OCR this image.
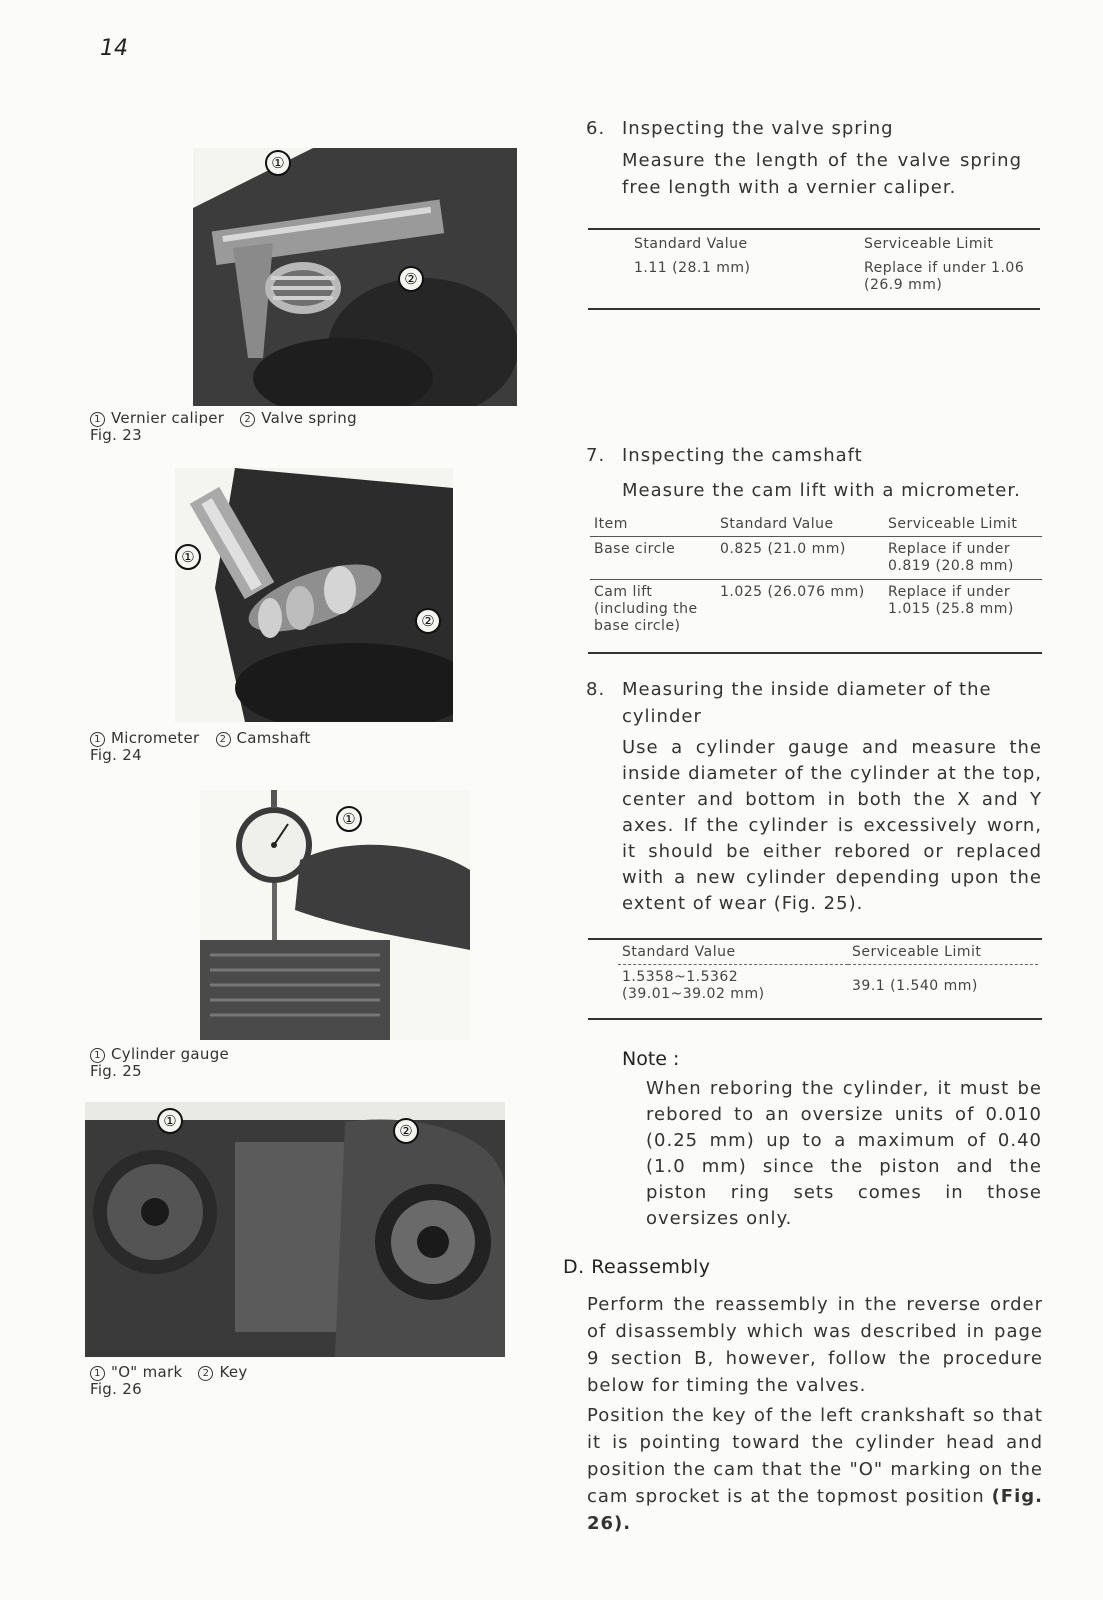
14
①
②
1 Vernier caliper 2 Valve spring
Fig. 23
①
②
1 Micrometer 2 Camshaft
Fig. 24
①
1 Cylinder gauge
Fig. 25
①
②
1 "O" mark 2 Key
Fig. 26
6. Inspecting the valve spring
Measure the length of the valve spring free length with a vernier caliper.
Standard Value	Serviceable Limit
1.11 (28.1 mm)	Replace if under 1.06 (26.9 mm)
7. Inspecting the camshaft
Measure the cam lift with a micrometer.
Item	Standard Value	Serviceable Limit
Base circle	0.825 (21.0 mm)	Replace if under 0.819 (20.8 mm)
Cam lift (including the base circle)	1.025 (26.076 mm)	Replace if under 1.015 (25.8 mm)
8. Measuring the inside diameter of the cylinder
Use a cylinder gauge and measure the inside diameter of the cylinder at the top, center and bottom in both the X and Y axes. If the cylinder is excessively worn, it should be either rebored or replaced with a new cylinder depending upon the extent of wear (Fig. 25).
Standard Value	Serviceable Limit
1.5358~1.5362 (39.01~39.02 mm)	39.1 (1.540 mm)
Note :
When reboring the cylinder, it must be rebored to an oversize units of 0.010 (0.25 mm) up to a maximum of 0.40 (1.0 mm) since the piston and the piston ring sets comes in those oversizes only.
D. Reassembly
Perform the reassembly in the reverse order of disassembly which was described in page 9 section B, however, follow the procedure below for timing the valves.
Position the key of the left crankshaft so that it is pointing toward the cylinder head and position the cam that the "O" marking on the cam sprocket is at the topmost position (Fig. 26).
